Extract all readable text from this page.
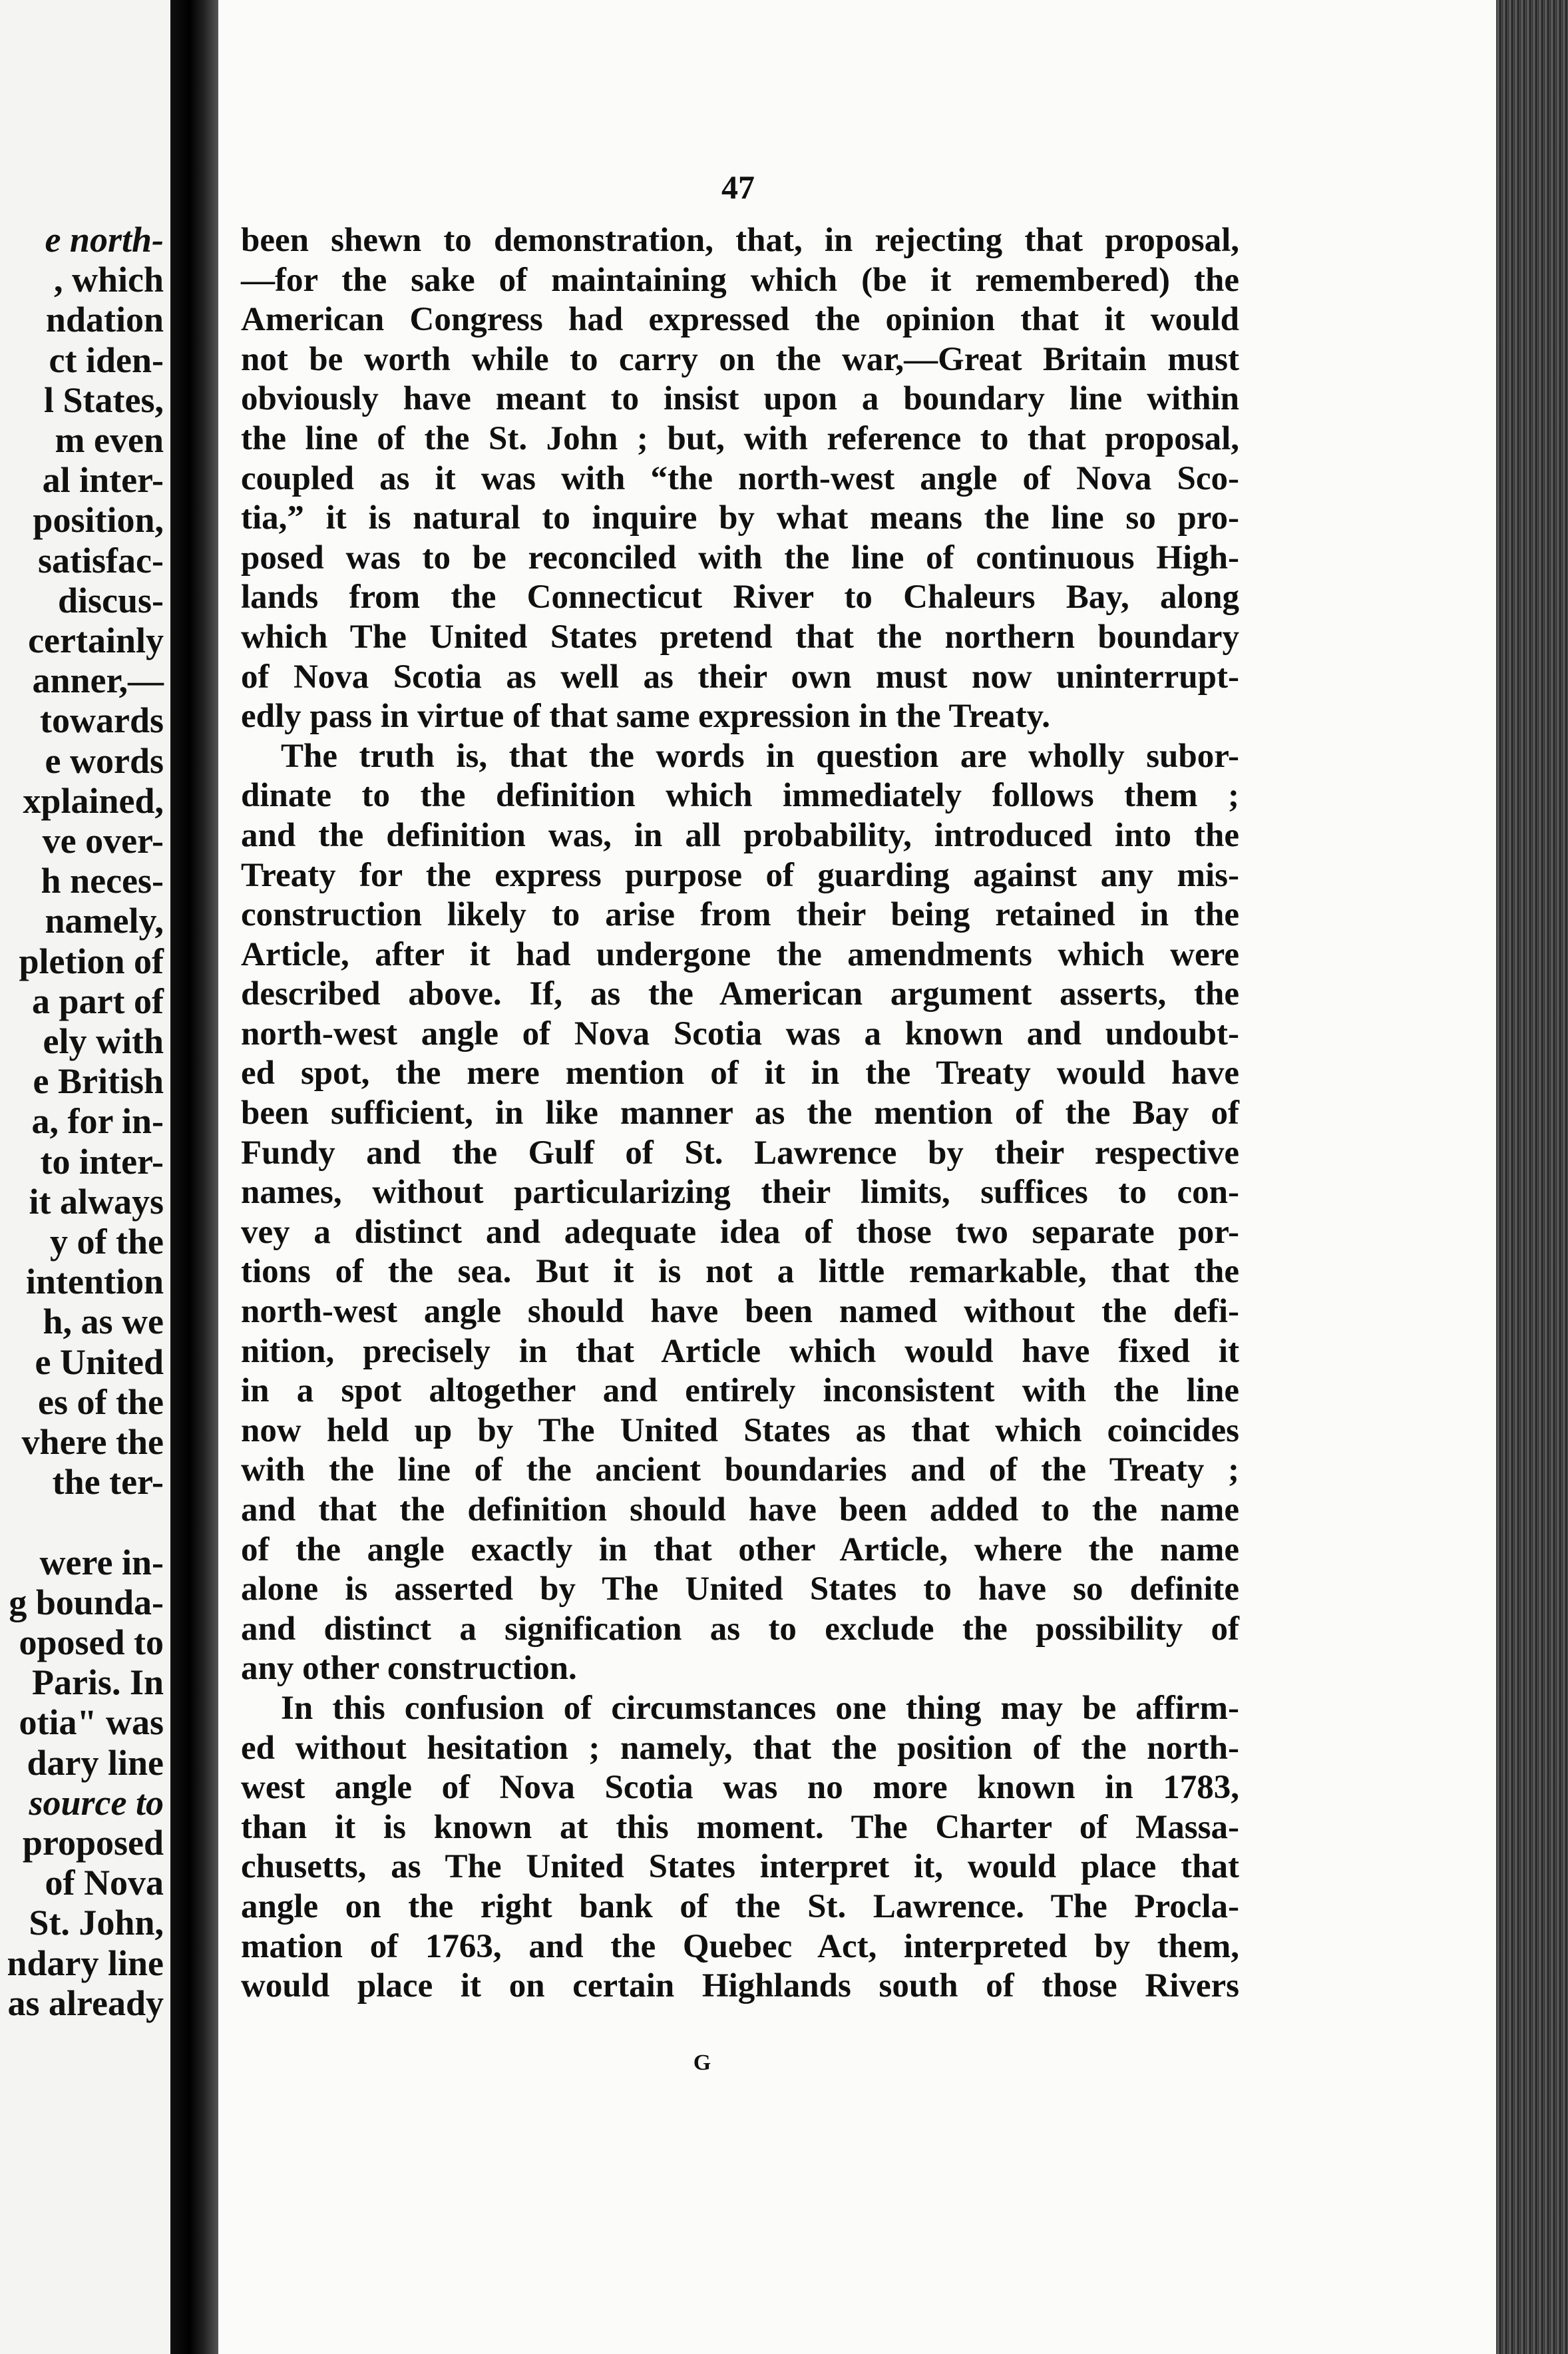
e north-
, which
ndation
ct iden-
l States,
m even
al inter-
position,
satisfac-
discus-
certainly
anner,—
towards
e words
xplained,
ve over-
h neces-
namely,
pletion of
a part of
ely with
e British
a, for in-
to inter-
it always
y of the
intention
h, as we
e United
es of the
vhere the
the ter-
were in-
g bounda-
oposed to
Paris. In
otia" was
dary line
source to
proposed
of Nova
St. John,
ndary line
as already
47
been shewn to demonstration, that, in rejecting that proposal,
—for the sake of maintaining which (be it remembered) the
American Congress had expressed the opinion that it would
not be worth while to carry on the war,—Great Britain must
obviously have meant to insist upon a boundary line within
the line of the St. John ; but, with reference to that proposal,
coupled as it was with “the north-west angle of Nova Sco-
tia,” it is natural to inquire by what means the line so pro-
posed was to be reconciled with the line of continuous High-
lands from the Connecticut River to Chaleurs Bay, along
which The United States pretend that the northern boundary
of Nova Scotia as well as their own must now uninterrupt-
edly pass in virtue of that same expression in the Treaty.
The truth is, that the words in question are wholly subor-
dinate to the definition which immediately follows them ;
and the definition was, in all probability, introduced into the
Treaty for the express purpose of guarding against any mis-
construction likely to arise from their being retained in the
Article, after it had undergone the amendments which were
described above. If, as the American argument asserts, the
north-west angle of Nova Scotia was a known and undoubt-
ed spot, the mere mention of it in the Treaty would have
been sufficient, in like manner as the mention of the Bay of
Fundy and the Gulf of St. Lawrence by their respective
names, without particularizing their limits, suffices to con-
vey a distinct and adequate idea of those two separate por-
tions of the sea. But it is not a little remarkable, that the
north-west angle should have been named without the defi-
nition, precisely in that Article which would have fixed it
in a spot altogether and entirely inconsistent with the line
now held up by The United States as that which coincides
with the line of the ancient boundaries and of the Treaty ;
and that the definition should have been added to the name
of the angle exactly in that other Article, where the name
alone is asserted by The United States to have so definite
and distinct a signification as to exclude the possibility of
any other construction.
In this confusion of circumstances one thing may be affirm-
ed without hesitation ; namely, that the position of the north-
west angle of Nova Scotia was no more known in 1783,
than it is known at this moment. The Charter of Massa-
chusetts, as The United States interpret it, would place that
angle on the right bank of the St. Lawrence. The Procla-
mation of 1763, and the Quebec Act, interpreted by them,
would place it on certain Highlands south of those Rivers
G
